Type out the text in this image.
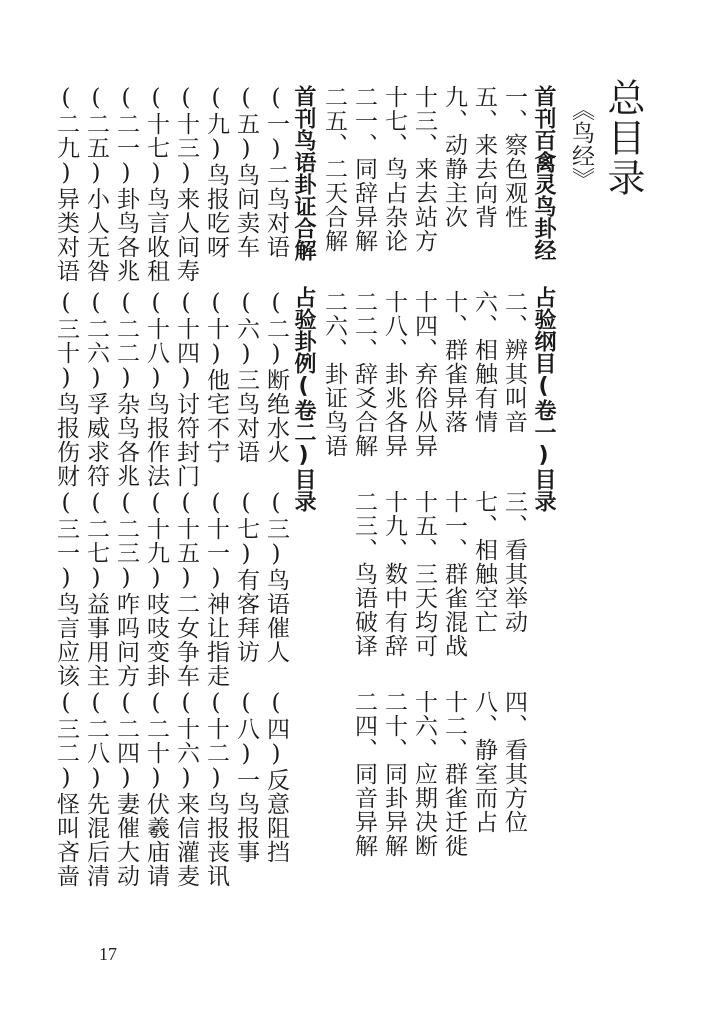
总目录
《鸟经》
首刊百禽灵鸟卦经 占验纲目(卷一)目录
一、察色观性
二、辨其叫音
三、看其举动
四、看其方位
五、来去向背
六、相触有情
七、相触空亡
八、静室而占
九、动静主次
十、群雀异落
十一、群雀混战
十二、群雀迁徙
十三、来去站方
十四、弃俗从异
十五、三天均可
十六、应期决断
十七、鸟占杂论
十八、卦兆各异
十九、数中有辞
二十、同卦异解
二一、同辞异解
二二、辞爻合解
二三、鸟语破译
二四、同音异解
二五、二天合解
二六、卦证鸟语
首刊鸟语卦证合解 占验卦例(卷二)目录
(一)二鸟对语
(二)断绝水火
(三)鸟语催人
(四)反意阻挡
(五)鸟问卖车
(六)三鸟对语
(七)有客拜访
(八)一鸟报事
(九)鸟报吃呀
(十)他宅不宁
(十一)神让指走
(十二)鸟报丧讯
(十三)来人问寿
(十四)讨符封门
(十五)二女争车
(十六)来信灌麦
(十七)鸟言收租
(十八)鸟报作法
(十九)吱吱变卦
(二十)伏羲庙请
(二一)卦鸟各兆
(二二)杂鸟各兆
(二三)咋吗问方
(二四)妻催大动
(二五)小人无咎
(二六)孚威求符
(二七)益事用主
(二八)先混后清
(二九)异类对语
(三十)鸟报伤财
(三一)鸟言应该
(三二)怪叫吝啬
17
